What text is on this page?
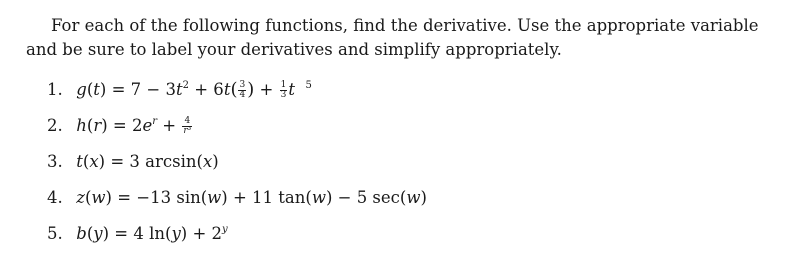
For each of the following functions, find the derivative. Use the appropriate variable and be sure to label your derivatives and simplify appropriately.

1. $g(t) = 7 - 3t^2 + 6t( \frac{3}{4}$ ) + $\frac{1}{3}$ t $^5$
2. $h(r) = 2e^r + \frac{4}{\text{r³}}$
3. t(x) = 3 arcsin(x)
4. z(w) = −13 sin(w) + 11 tan(w) − 5 sec(w)
5. b(y) = 4 $\ln(y) + 2^y$
